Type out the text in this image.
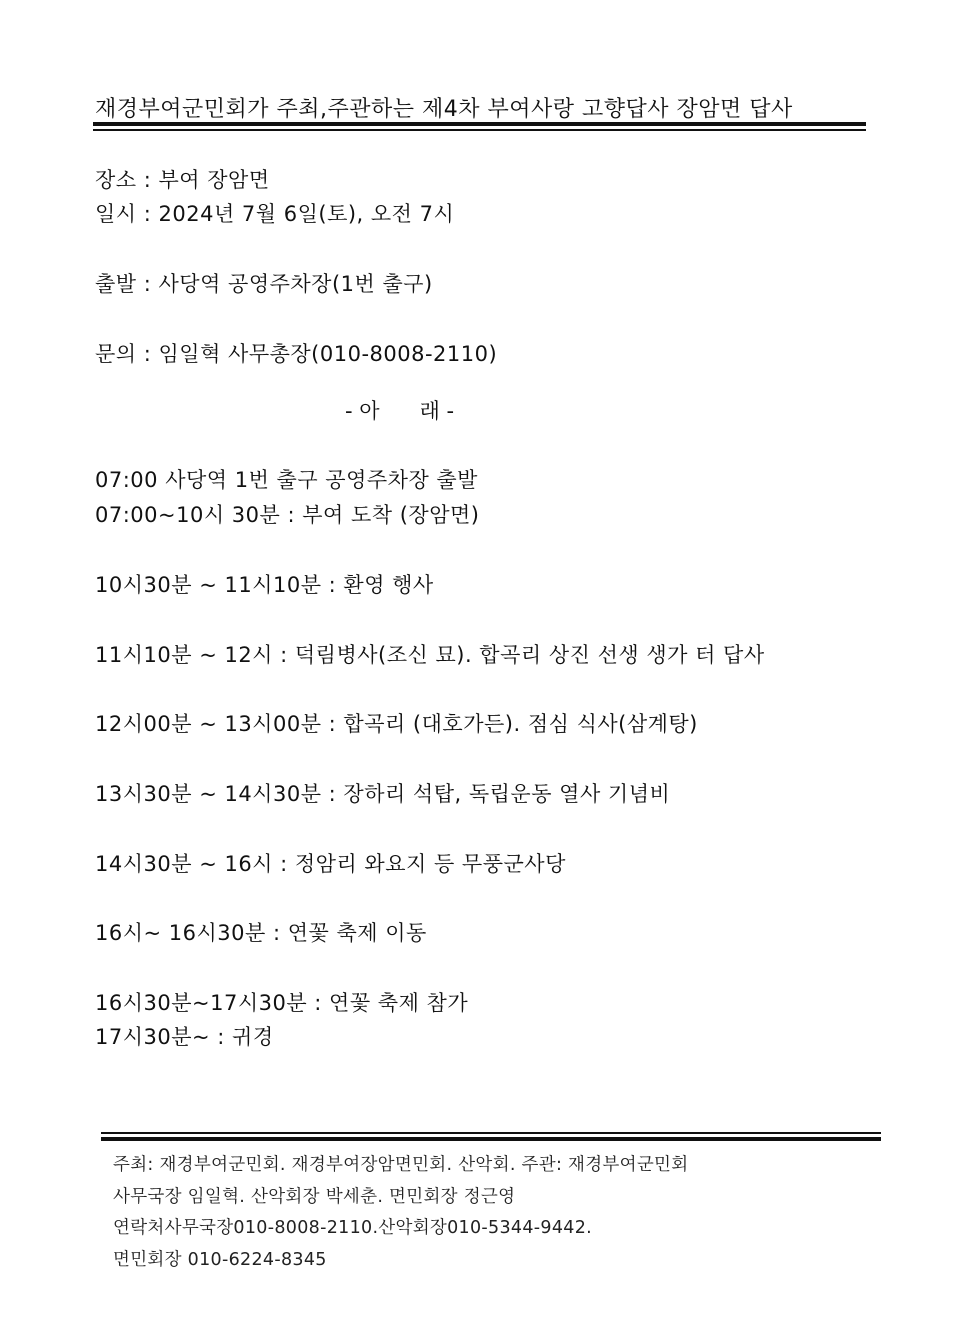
재경부여군민회가 주최,주관하는 제4차 부여사랑 고향답사 장암면 답사
장소 : 부여 장암면
일시 : 2024년 7월 6일(토), 오전 7시
출발 : 사당역 공영주차장(1번 출구)
문의 : 임일혁 사무총장(010-8008-2110)
- 아      래 -
07:00 사당역 1번 출구 공영주차장 출발
07:00~10시 30분 : 부여 도착 (장암면)
10시30분 ~ 11시10분 : 환영 행사
11시10분 ~ 12시 : 덕림병사(조신 묘). 합곡리 상진 선생 생가 터 답사
12시00분 ~ 13시00분 : 합곡리 (대호가든). 점심 식사(삼계탕)
13시30분 ~ 14시30분 : 장하리 석탑, 독립운동 열사 기념비
14시30분 ~ 16시 : 정암리 와요지 등 무풍군사당
16시~ 16시30분 : 연꽃 축제 이동
16시30분~17시30분 : 연꽃 축제 참가
17시30분~ : 귀경
주최: 재경부여군민회. 재경부여장암면민회. 산악회. 주관: 재경부여군민회
사무국장 임일혁. 산악회장 박세춘. 면민회장 정근영
연락처사무국장010-8008-2110.산악회장010-5344-9442.
면민회장 010-6224-8345
